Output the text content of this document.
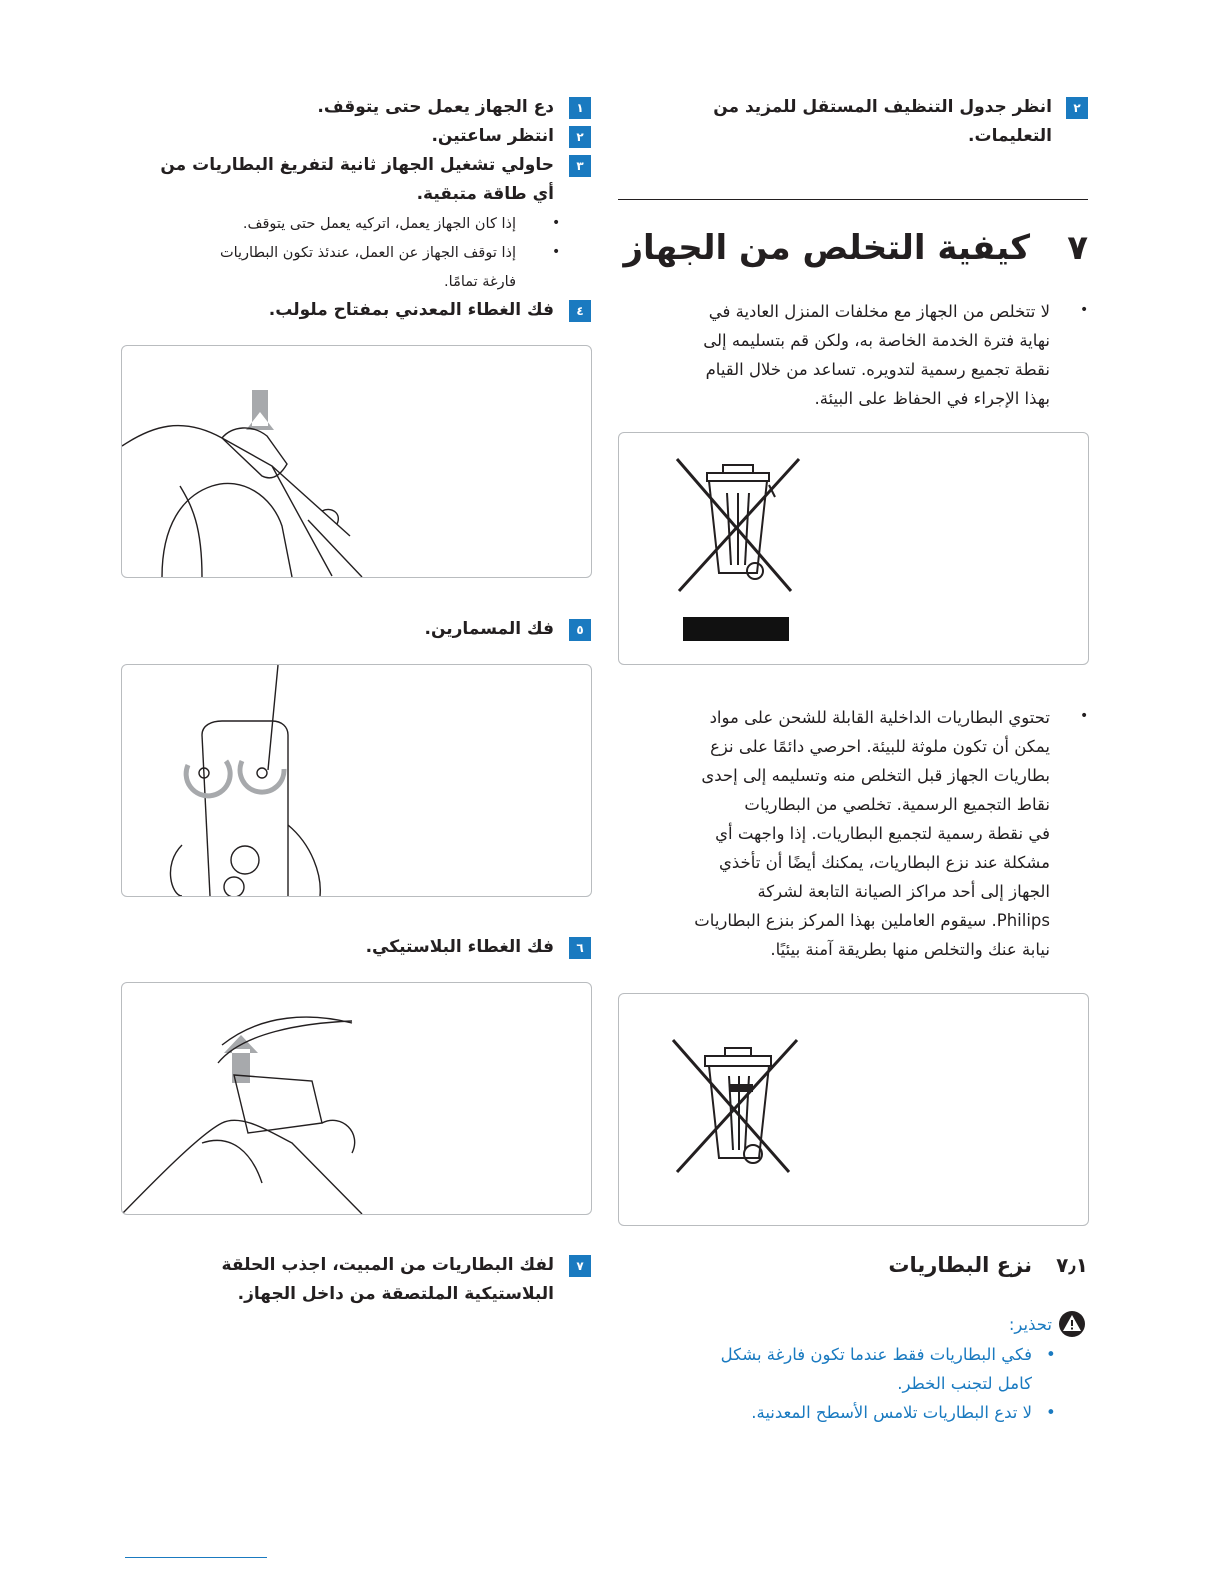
٢
انظر جدول التنظيف المستقل للمزيد من
التعليمات.
٧
كيفية التخلص من الجهاز
•
لا تتخلص من الجهاز مع مخلفات المنزل العادية في
نهاية فترة الخدمة الخاصة به، ولكن قم بتسليمه إلى
نقطة تجميع رسمية لتدويره. تساعد من خلال القيام
بهذا الإجراء في الحفاظ على البيئة.
•
تحتوي البطاريات الداخلية القابلة للشحن على مواد
يمكن أن تكون ملوثة للبيئة. احرصي دائمًا على نزع
بطاريات الجهاز قبل التخلص منه وتسليمه إلى إحدى
نقاط التجميع الرسمية. تخلصي من البطاريات
في نقطة رسمية لتجميع البطاريات. إذا واجهت أي
مشكلة عند نزع البطاريات، يمكنك أيضًا أن تأخذي
الجهاز إلى أحد مراكز الصيانة التابعة لشركة
Philips. سيقوم العاملين بهذا المركز بنزع البطاريات
نيابة عنك والتخلص منها بطريقة آمنة بيئيًا.
٧٫١
نزع البطاريات
تحذير:
•
فكي البطاريات فقط عندما تكون فارغة بشكل
كامل لتجنب الخطر.
•
لا تدع البطاريات تلامس الأسطح المعدنية.
١
دع الجهاز يعمل حتى يتوقف.
٢
انتظر ساعتين.
٣
حاولي تشغيل الجهاز ثانية لتفريغ البطاريات من
أي طاقة متبقية.
•
إذا كان الجهاز يعمل، اتركيه يعمل حتى يتوقف.
•
إذا توقف الجهاز عن العمل، عندئذ تكون البطاريات
فارغة تمامًا.
٤
فك الغطاء المعدني بمفتاح ملولب.
٥
فك المسمارين.
٦
فك الغطاء البلاستيكي.
٧
لفك البطاريات من المبيت، اجذب الحلقة
البلاستيكية الملتصقة من داخل الجهاز.
